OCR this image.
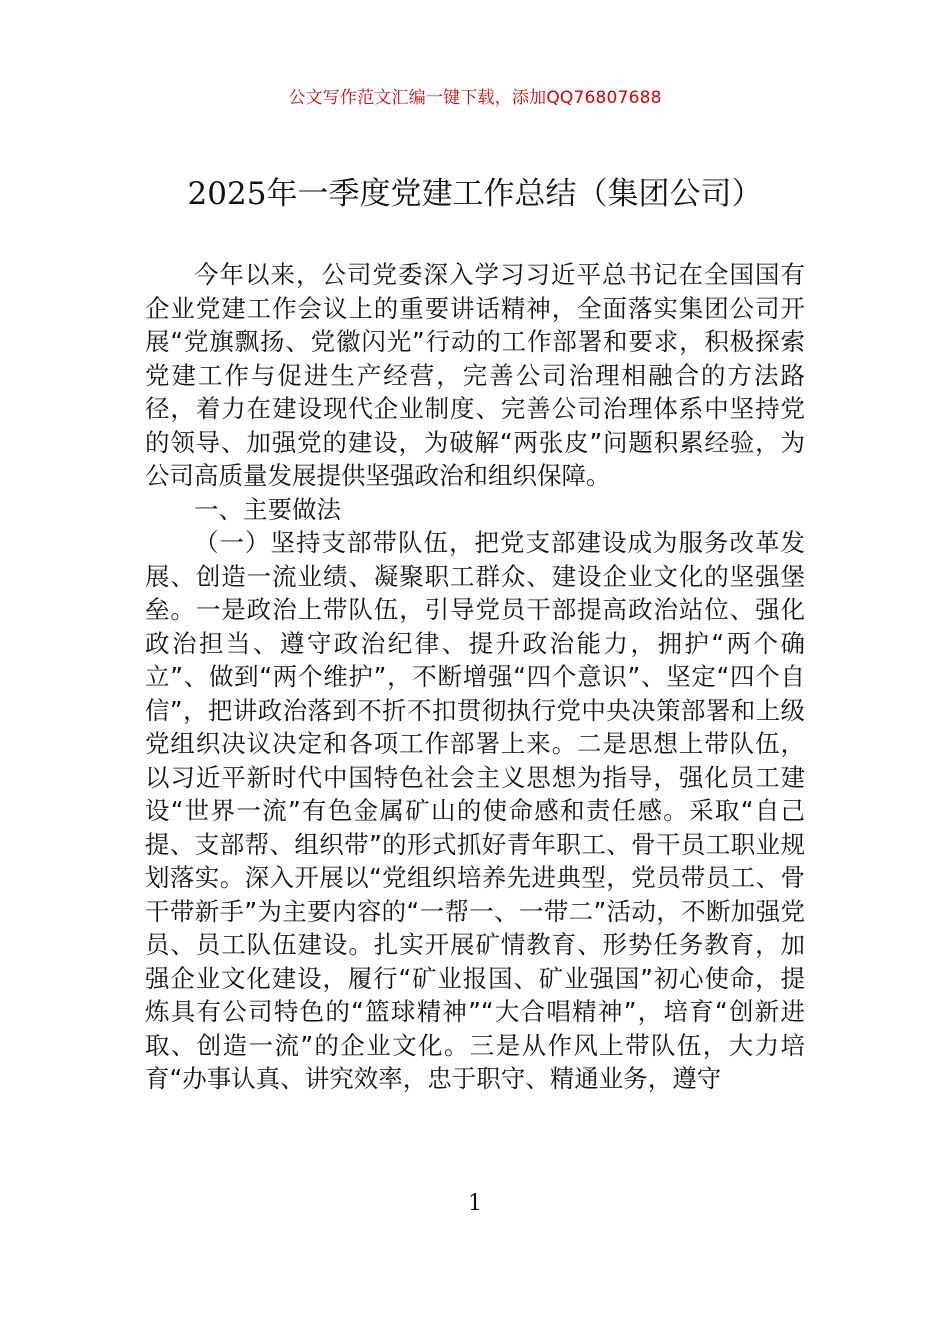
公文写作范文汇编一键下载，添加QQ76807688
2025年一季度党建工作总结（集团公司）

今年以来，公司党委深入学习习近平总书记在全国国有企业党建工作会议上的重要讲话精神，全面落实集团公司开展“党旗飘扬、党徽闪光”行动的工作部署和要求，积极探索党建工作与促进生产经营，完善公司治理相融合的方法路径，着力在建设现代企业制度、完善公司治理体系中坚持党的领导、加强党的建设，为破解“两张皮”问题积累经验，为公司高质量发展提供坚强政治和组织保障。

一、主要做法

（一）坚持支部带队伍，把党支部建设成为服务改革发展、创造一流业绩、凝聚职工群众、建设企业文化的坚强堡垒。一是政治上带队伍，引导党员干部提高政治站位、强化政治担当、遵守政治纪律、提升政治能力，拥护“两个确立”、做到“两个维护”，不断增强“四个意识”、坚定“四个自信”，把讲政治落到不折不扣贯彻执行党中央决策部署和上级党组织决议决定和各项工作部署上来。二是思想上带队伍，以习近平新时代中国特色社会主义思想为指导，强化员工建设“世界一流”有色金属矿山的使命感和责任感。采取“自己提、支部帮、组织带”的形式抓好青年职工、骨干员工职业规划落实。深入开展以“党组织培养先进典型，党员带员工、骨干带新手”为主要内容的“一帮一、一带二”活动，不断加强党员、员工队伍建设。扎实开展矿情教育、形势任务教育，加强企业文化建设，履行“矿业报国、矿业强国”初心使命，提炼具有公司特色的“篮球精神”“大合唱精神”，培育“创新进取、创造一流”的企业文化。三是从作风上带队伍，大力培育“办事认真、讲究效率，忠于职守、精通业务，遵守

1
